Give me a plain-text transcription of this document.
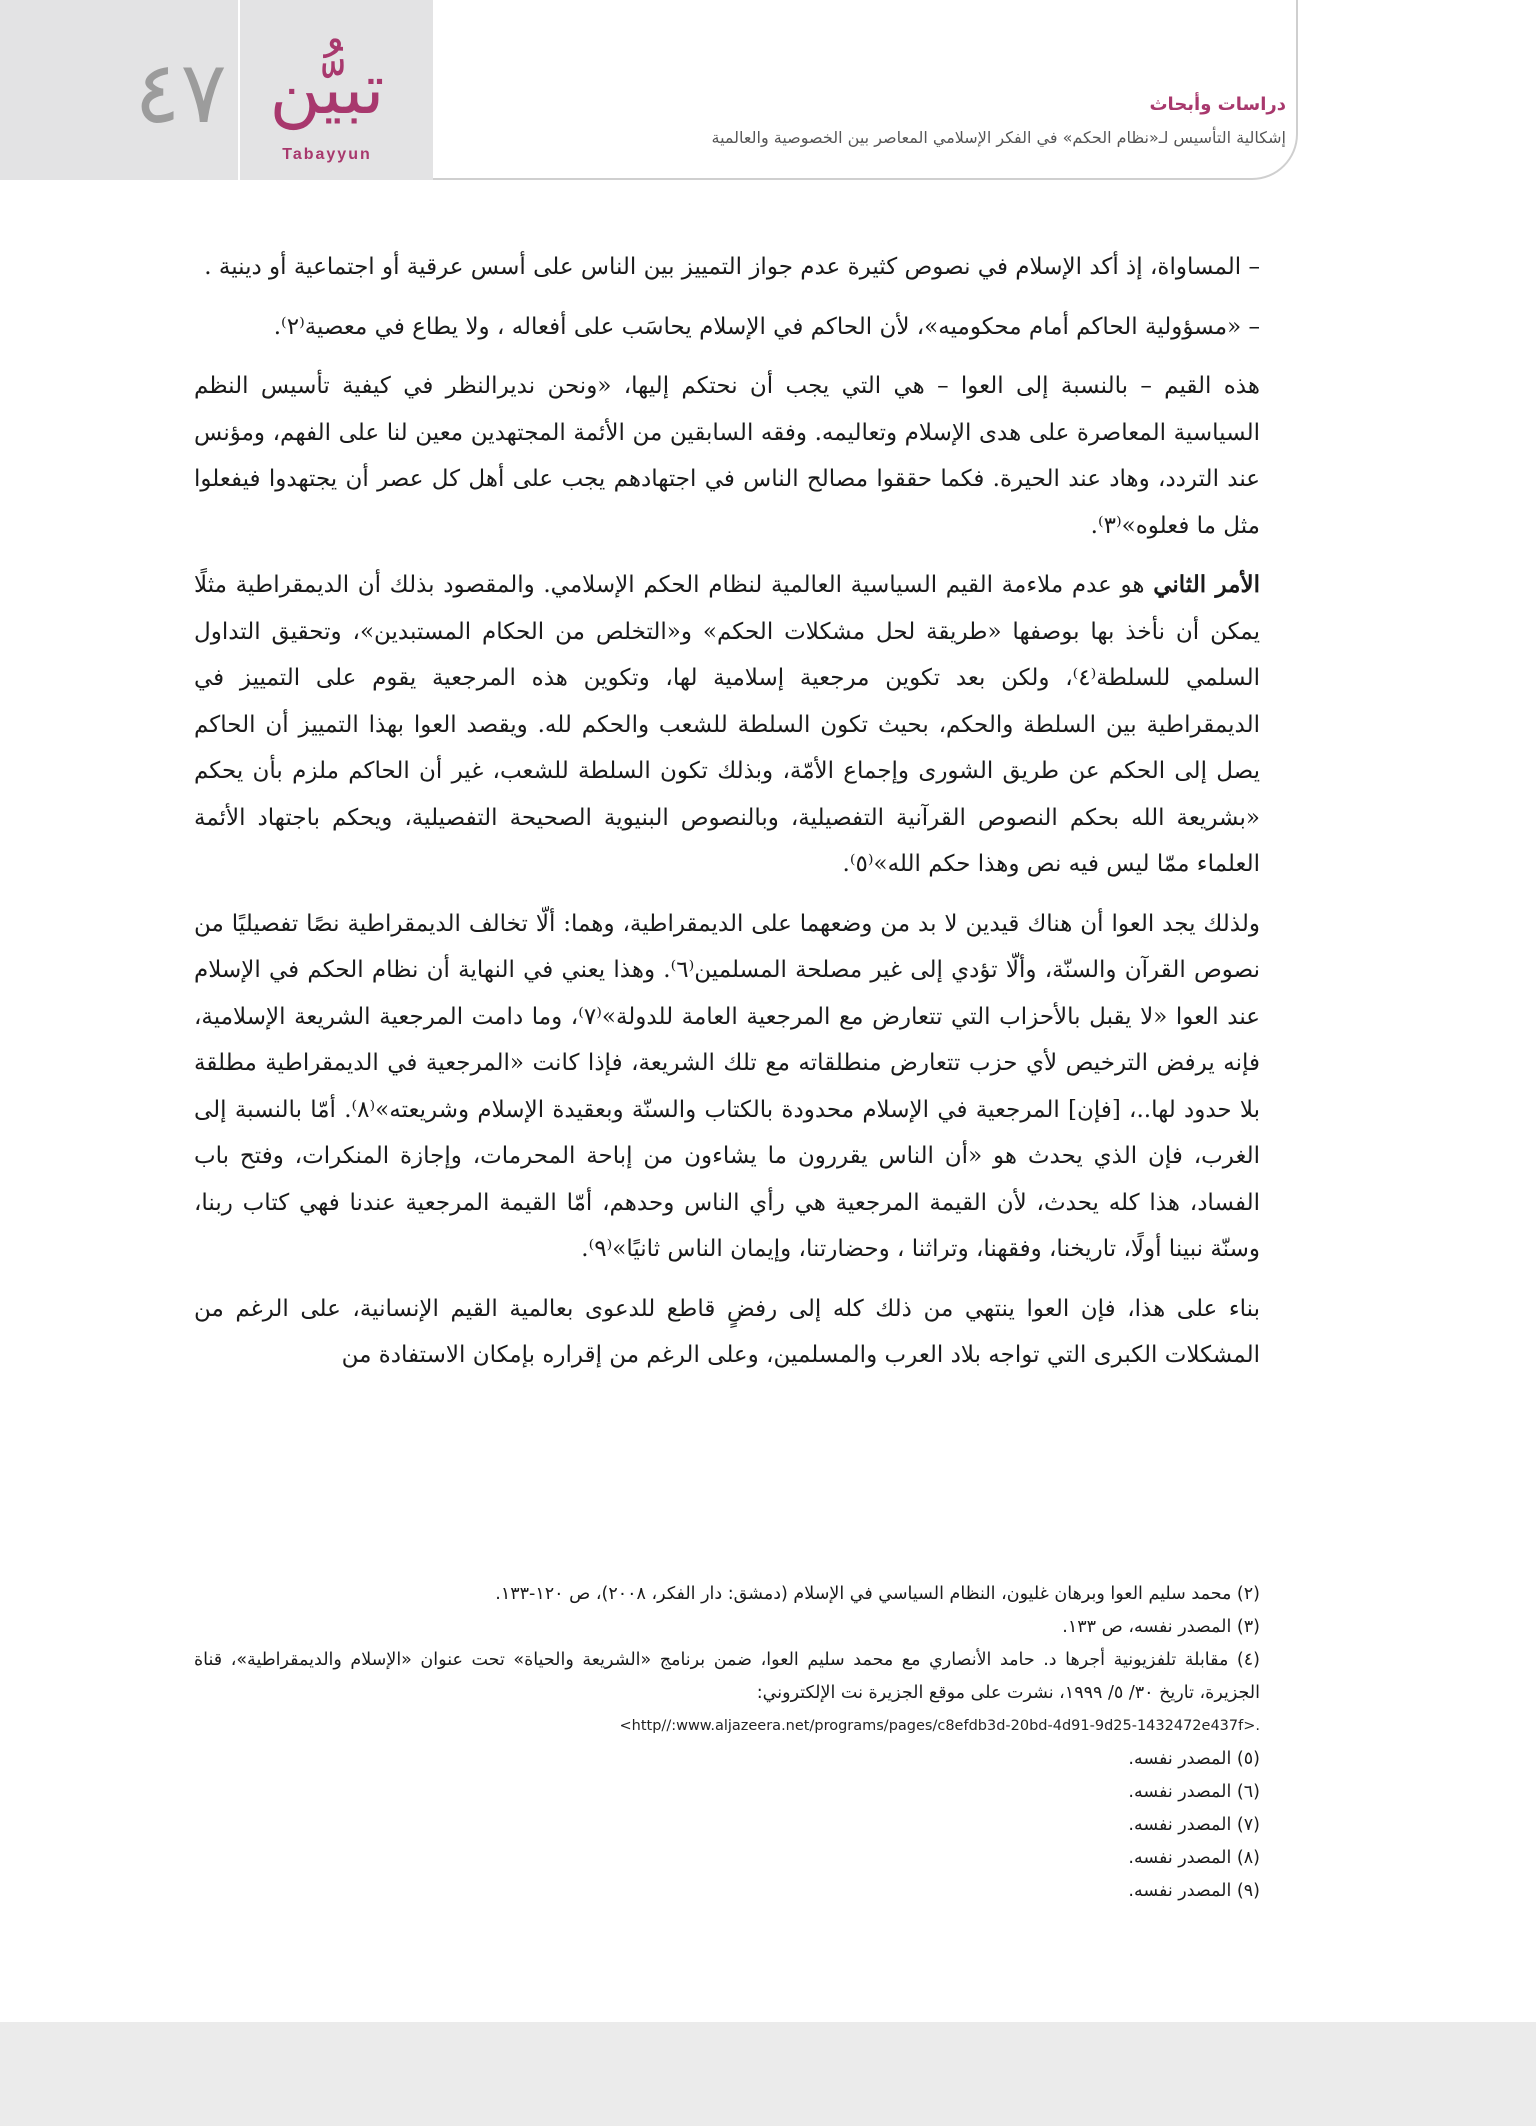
٤٧ تبيُّن
Tabayyun
دراسات وأبحاث
إشكالية التأسيس لـ«نظام الحكم» في الفكر الإسلامي المعاصر بين الخصوصية والعالمية

– المساواة، إذ أكد الإسلام في نصوص كثيرة عدم جواز التمييز بين الناس على أسس عرقية أو اجتماعية أو دينية .

– «مسؤولية الحاكم أمام محكوميه»، لأن الحاكم في الإسلام يحاسَب على أفعاله ، ولا يطاع في معصية⁽٢⁾.

هذه القيم – بالنسبة إلى العوا – هي التي يجب أن نحتكم إليها، «ونحن نديرالنظر في كيفية تأسيس النظم السياسية المعاصرة على هدى الإسلام وتعاليمه. وفقه السابقين من الأئمة المجتهدين معين لنا على الفهم، ومؤنس عند التردد، وهاد عند الحيرة. فكما حققوا مصالح الناس في اجتهادهم يجب على أهل كل عصر أن يجتهدوا فيفعلوا مثل ما فعلوه»⁽٣⁾.

الأمر الثاني هو عدم ملاءمة القيم السياسية العالمية لنظام الحكم الإسلامي. والمقصود بذلك أن الديمقراطية مثلًا يمكن أن نأخذ بها بوصفها «طريقة لحل مشكلات الحكم» و«التخلص من الحكام المستبدين»، وتحقيق التداول السلمي للسلطة⁽٤⁾، ولكن بعد تكوين مرجعية إسلامية لها، وتكوين هذه المرجعية يقوم على التمييز في الديمقراطية بين السلطة والحكم، بحيث تكون السلطة للشعب والحكم لله. ويقصد العوا بهذا التمييز أن الحاكم يصل إلى الحكم عن طريق الشورى وإجماع الأمّة، وبذلك تكون السلطة للشعب، غير أن الحاكم ملزم بأن يحكم «بشريعة الله بحكم النصوص القرآنية التفصيلية، وبالنصوص البنيوية الصحيحة التفصيلية، ويحكم باجتهاد الأئمة العلماء ممّا ليس فيه نص وهذا حكم الله»⁽٥⁾.

ولذلك يجد العوا أن هناك قيدين لا بد من وضعهما على الديمقراطية، وهما: ألّا تخالف الديمقراطية نصًا تفصيليًا من نصوص القرآن والسنّة، وألّا تؤدي إلى غير مصلحة المسلمين⁽٦⁾. وهذا يعني في النهاية أن نظام الحكم في الإسلام عند العوا «لا يقبل بالأحزاب التي تتعارض مع المرجعية العامة للدولة»⁽٧⁾، وما دامت المرجعية الشريعة الإسلامية، فإنه يرفض الترخيص لأي حزب تتعارض منطلقاته مع تلك الشريعة، فإذا كانت «المرجعية في الديمقراطية مطلقة بلا حدود لها..، [فإن] المرجعية في الإسلام محدودة بالكتاب والسنّة وبعقيدة الإسلام وشريعته»⁽٨⁾. أمّا بالنسبة إلى الغرب، فإن الذي يحدث هو «أن الناس يقررون ما يشاءون من إباحة المحرمات، وإجازة المنكرات، وفتح باب الفساد، هذا كله يحدث، لأن القيمة المرجعية هي رأي الناس وحدهم، أمّا القيمة المرجعية عندنا فهي كتاب ربنا، وسنّة نبينا أولًا، تاريخنا، وفقهنا، وتراثنا ، وحضارتنا، وإيمان الناس ثانيًا»⁽٩⁾.

بناء على هذا، فإن العوا ينتهي من ذلك كله إلى رفضٍ قاطع للدعوى بعالمية القيم الإنسانية، على الرغم من المشكلات الكبرى التي تواجه بلاد العرب والمسلمين، وعلى الرغم من إقراره بإمكان الاستفادة من

(٢) محمد سليم العوا وبرهان غليون، النظام السياسي في الإسلام (دمشق: دار الفكر، ٢٠٠٨)، ص ١٢٠-١٣٣.

(٣) المصدر نفسه، ص ١٣٣.

(٤) مقابلة تلفزيونية أجرها د. حامد الأنصاري مع محمد سليم العوا، ضمن برنامج «الشريعة والحياة» تحت عنوان «الإسلام والديمقراطية»، قناة الجزيرة، تاريخ ٣٠/ ٥/ ١٩٩٩، نشرت على موقع الجزيرة نت الإلكتروني:

<http//:www.aljazeera.net/programs/pages/c8efdb3d-20bd-4d91-9d25-1432472e437f>.

(٥) المصدر نفسه.

(٦) المصدر نفسه.

(٧) المصدر نفسه.

(٨) المصدر نفسه.

(٩) المصدر نفسه.
